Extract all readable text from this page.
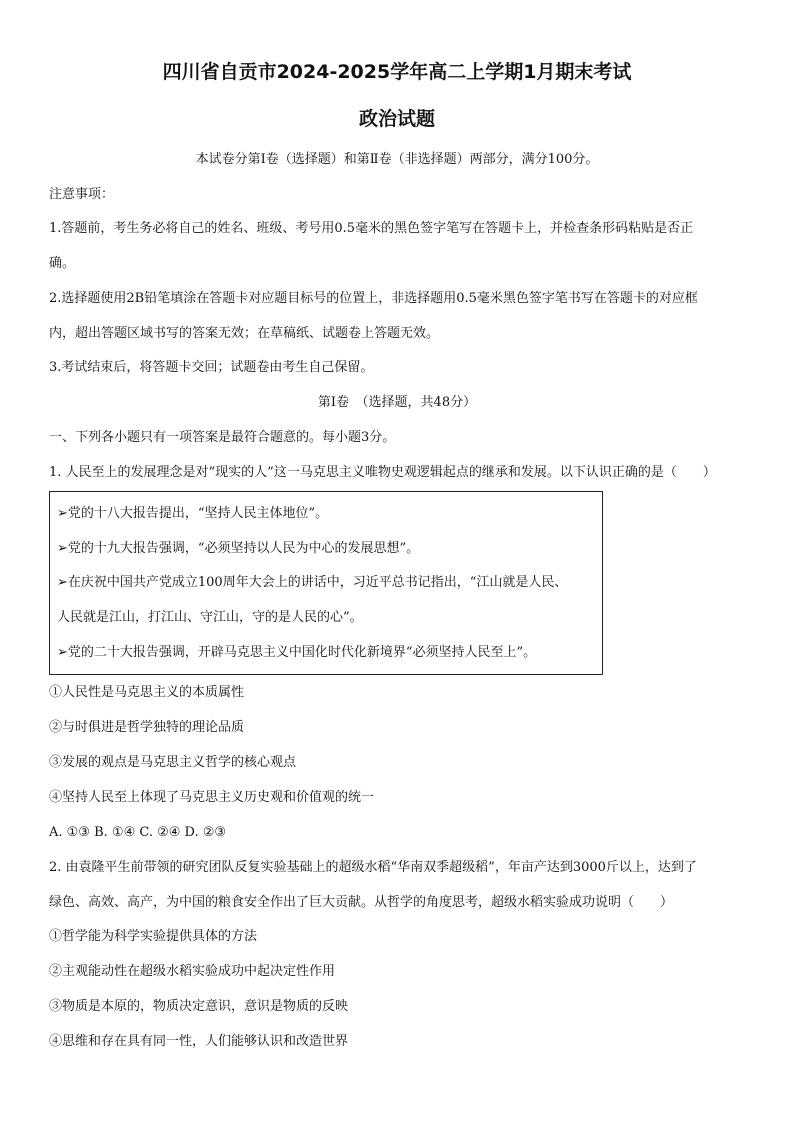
四川省自贡市2024-2025学年高二上学期1月期末考试
政治试题
本试卷分第Ⅰ卷（选择题）和第Ⅱ卷（非选择题）两部分，满分100分。
注意事项：
1.答题前，考生务必将自己的姓名、班级、考号用0.5毫米的黑色签字笔写在答题卡上，并检查条形码粘贴是否正
确。
2.选择题使用2B铅笔填涂在答题卡对应题目标号的位置上，非选择题用0.5毫米黑色签字笔书写在答题卡的对应框
内，超出答题区域书写的答案无效；在草稿纸、试题卷上答题无效。
3.考试结束后，将答题卡交回；试题卷由考生自己保留。
第Ⅰ卷　（选择题，共48分）
一、下列各小题只有一项答案是最符合题意的。每小题3分。
1. 人民至上的发展理念是对“现实的人”这一马克思主义唯物史观逻辑起点的继承和发展。以下认识正确的是（　　）
➢党的十八大报告提出，“坚持人民主体地位”。
➢党的十九大报告强调，“必须坚持以人民为中心的发展思想”。
➢在庆祝中国共产党成立100周年大会上的讲话中，习近平总书记指出，“江山就是人民、
人民就是江山，打江山、守江山，守的是人民的心”。
➢党的二十大报告强调，开辟马克思主义中国化时代化新境界“必须坚持人民至上”。
①人民性是马克思主义的本质属性
②与时俱进是哲学独特的理论品质
③发展的观点是马克思主义哲学的核心观点
④坚持人民至上体现了马克思主义历史观和价值观的统一
A. ①③ B. ①④ C. ②④ D. ②③
2. 由袁隆平生前带领的研究团队反复实验基础上的超级水稻“华南双季超级稻”，年亩产达到3000斤以上，达到了
绿色、高效、高产，为中国的粮食安全作出了巨大贡献。从哲学的角度思考，超级水稻实验成功说明（　　）
①哲学能为科学实验提供具体的方法
②主观能动性在超级水稻实验成功中起决定性作用
③物质是本原的，物质决定意识，意识是物质的反映
④思维和存在具有同一性，人们能够认识和改造世界
